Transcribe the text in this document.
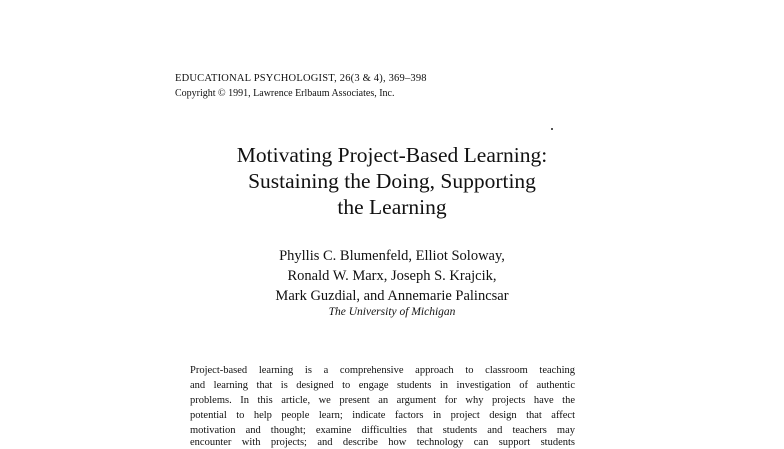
EDUCATIONAL PSYCHOLOGIST, 26(3 & 4), 369–398
Copyright © 1991, Lawrence Erlbaum Associates, Inc.
Motivating Project-Based Learning:
Sustaining the Doing, Supporting
the Learning
Phyllis C. Blumenfeld, Elliot Soloway,
Ronald W. Marx, Joseph S. Krajcik,
Mark Guzdial, and Annemarie Palincsar
The University of Michigan
Project-based learning is a comprehensive approach to classroom teaching
and learning that is designed to engage students in investigation of authentic
problems. In this article, we present an argument for why projects have the
potential to help people learn; indicate factors in project design that affect
motivation and thought; examine difficulties that students and teachers may
encounter with projects; and describe how technology can support students
